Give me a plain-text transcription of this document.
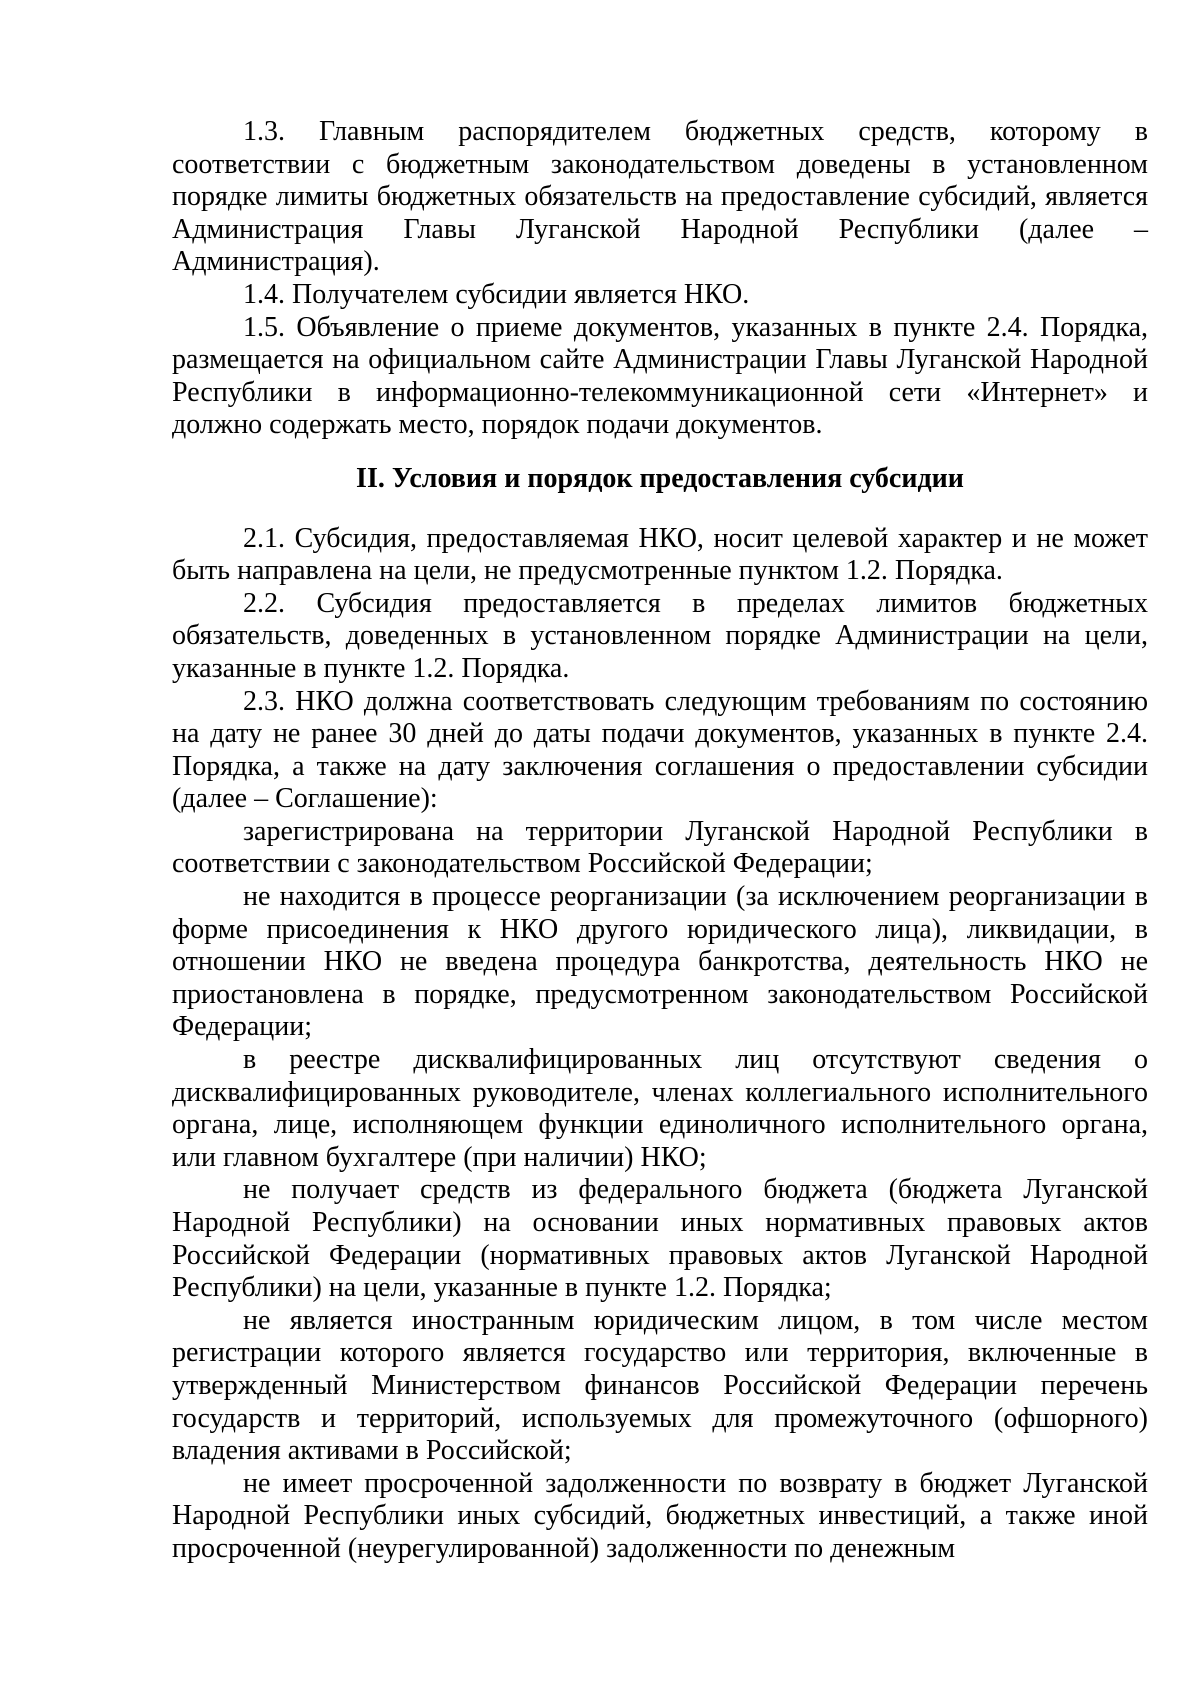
1.3. Главным распорядителем бюджетных средств, которому в соответствии с бюджетным законодательством доведены в установленном порядке лимиты бюджетных обязательств на предоставление субсидий, является Администрация Главы Луганской Народной Республики (далее – Администрация).

1.4. Получателем субсидии является НКО.

1.5. Объявление о приеме документов, указанных в пункте 2.4. Порядка, размещается на официальном сайте Администрации Главы Луганской Народной Республики в информационно-телекоммуникационной сети «Интернет» и должно содержать место, порядок подачи документов.

II. Условия и порядок предоставления субсидии

2.1. Субсидия, предоставляемая НКО, носит целевой характер и не может быть направлена на цели, не предусмотренные пунктом 1.2. Порядка.

2.2. Субсидия предоставляется в пределах лимитов бюджетных обязательств, доведенных в установленном порядке Администрации на цели, указанные в пункте 1.2. Порядка.

2.3. НКО должна соответствовать следующим требованиям по состоянию на дату не ранее 30 дней до даты подачи документов, указанных в пункте 2.4. Порядка, а также на дату заключения соглашения о предоставлении субсидии (далее – Соглашение):

зарегистрирована на территории Луганской Народной Республики в соответствии с законодательством Российской Федерации;

не находится в процессе реорганизации (за исключением реорганизации в форме присоединения к НКО другого юридического лица), ликвидации, в отношении НКО не введена процедура банкротства, деятельность НКО не приостановлена в порядке, предусмотренном законодательством Российской Федерации;

в реестре дисквалифицированных лиц отсутствуют сведения о дисквалифицированных руководителе, членах коллегиального исполнительного органа, лице, исполняющем функции единоличного исполнительного органа, или главном бухгалтере (при наличии) НКО;

не получает средств из федерального бюджета (бюджета Луганской Народной Республики) на основании иных нормативных правовых актов Российской Федерации (нормативных правовых актов Луганской Народной Республики) на цели, указанные в пункте 1.2. Порядка;

не является иностранным юридическим лицом, в том числе местом регистрации которого является государство или территория, включенные в утвержденный Министерством финансов Российской Федерации перечень государств и территорий, используемых для промежуточного (офшорного) владения активами в Российской;

не имеет просроченной задолженности по возврату в бюджет Луганской Народной Республики иных субсидий, бюджетных инвестиций, а также иной просроченной (неурегулированной) задолженности по денежным
